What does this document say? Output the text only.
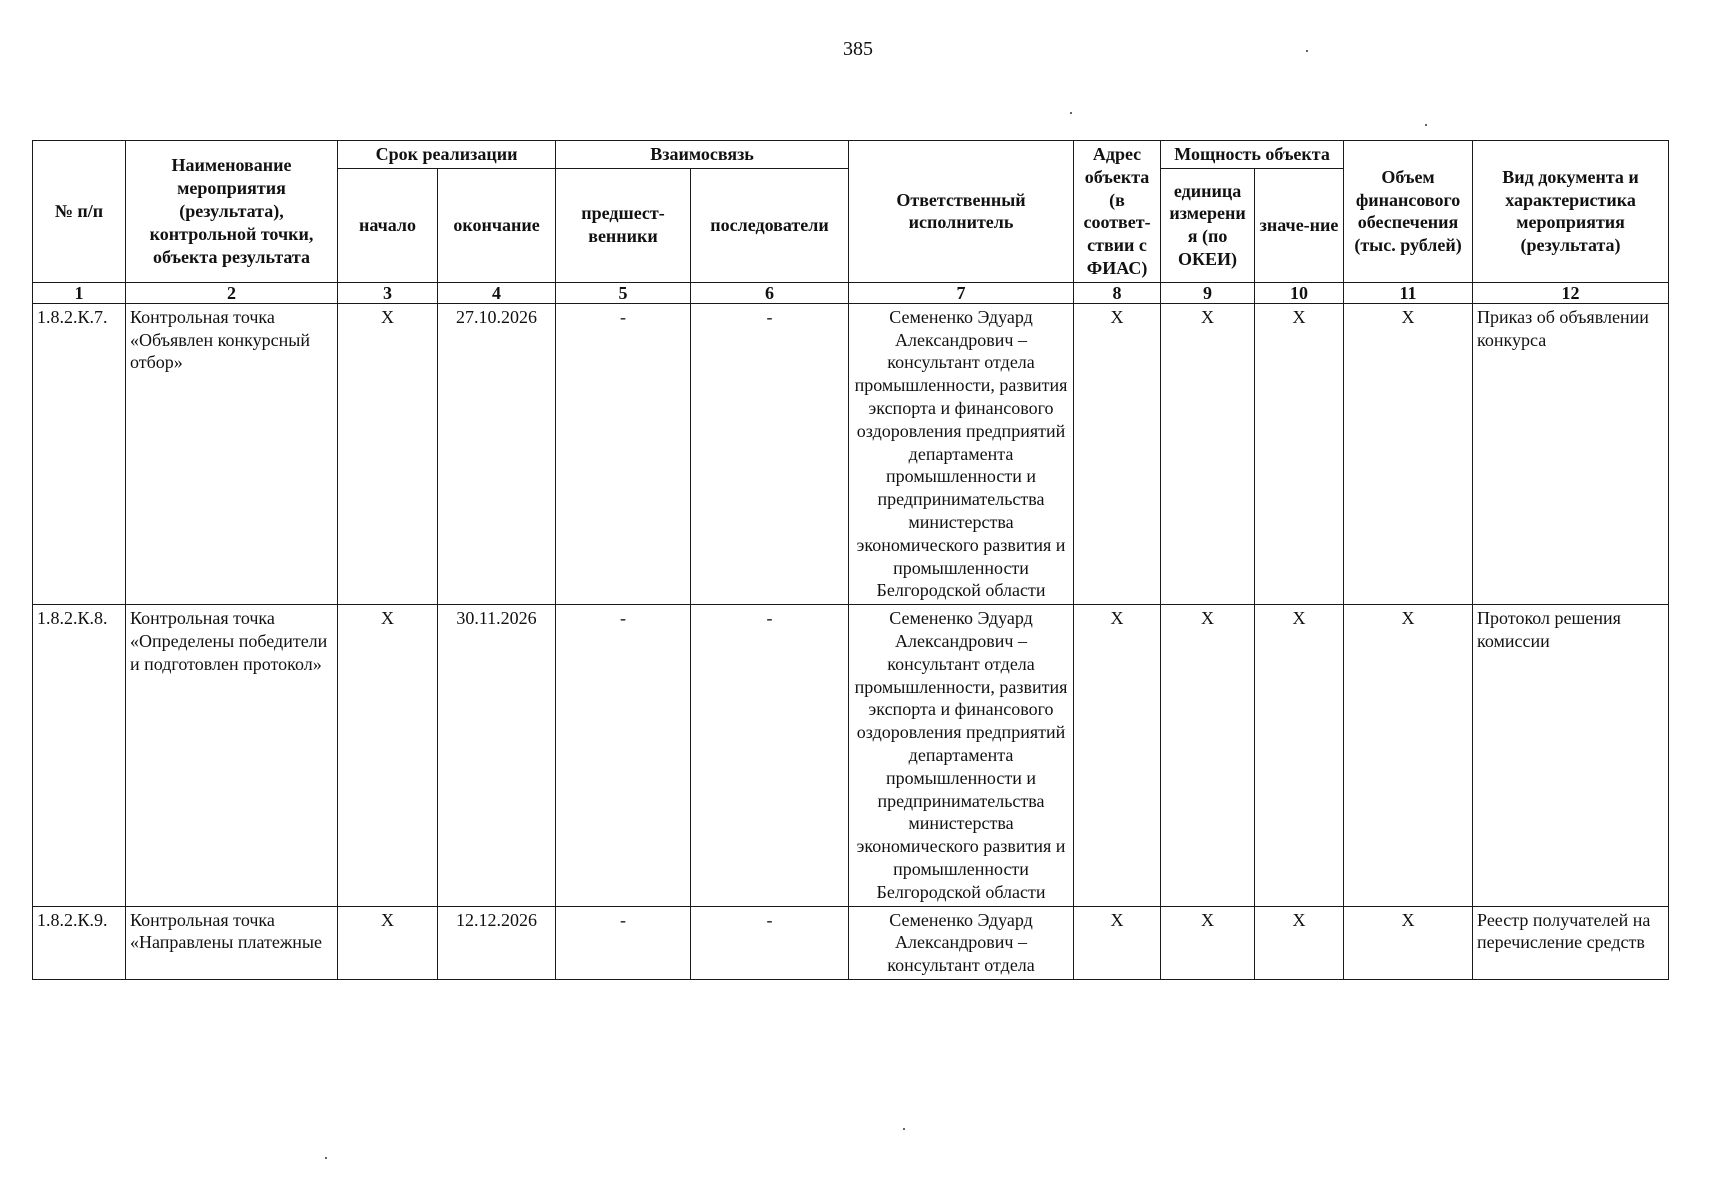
385
№ п/п	Наименование мероприятия (результата), контрольной точки, объекта результата	Срок реализации		Взаимосвязь		Ответственный исполнитель	Адрес объекта (в соответ-ствии с ФИАС)	Мощность объекта		Объем финансового обеспечения (тыс. рублей)	Вид документа и характеристика мероприятия (результата)
		начало	окончание	предшест-венники	последователи			единица измерения (по ОКЕИ)	значе-ние		
1	2	3	4	5	6	7	8	9	10	11	12
1.8.2.К.7.	Контрольная точка «Объявлен конкурсный отбор»	Х	27.10.2026	-	-	Семененко Эдуард Александрович – консультант отдела промышленности, развития экспорта и финансового оздоровления предприятий департамента промышленности и предпринимательства министерства экономического развития и промышленности Белгородской области	Х	Х	Х	Х	Приказ об объявлении конкурса
1.8.2.К.8.	Контрольная точка «Определены победители и подготовлен протокол»	Х	30.11.2026	-	-	Семененко Эдуард Александрович – консультант отдела промышленности, развития экспорта и финансового оздоровления предприятий департамента промышленности и предпринимательства министерства экономического развития и промышленности Белгородской области	Х	Х	Х	Х	Протокол решения комиссии
1.8.2.К.9.	Контрольная точка «Направлены платежные	Х	12.12.2026	-	-	Семененко Эдуард Александрович – консультант отдела	Х	Х	Х	Х	Реестр получателей на перечисление средств
